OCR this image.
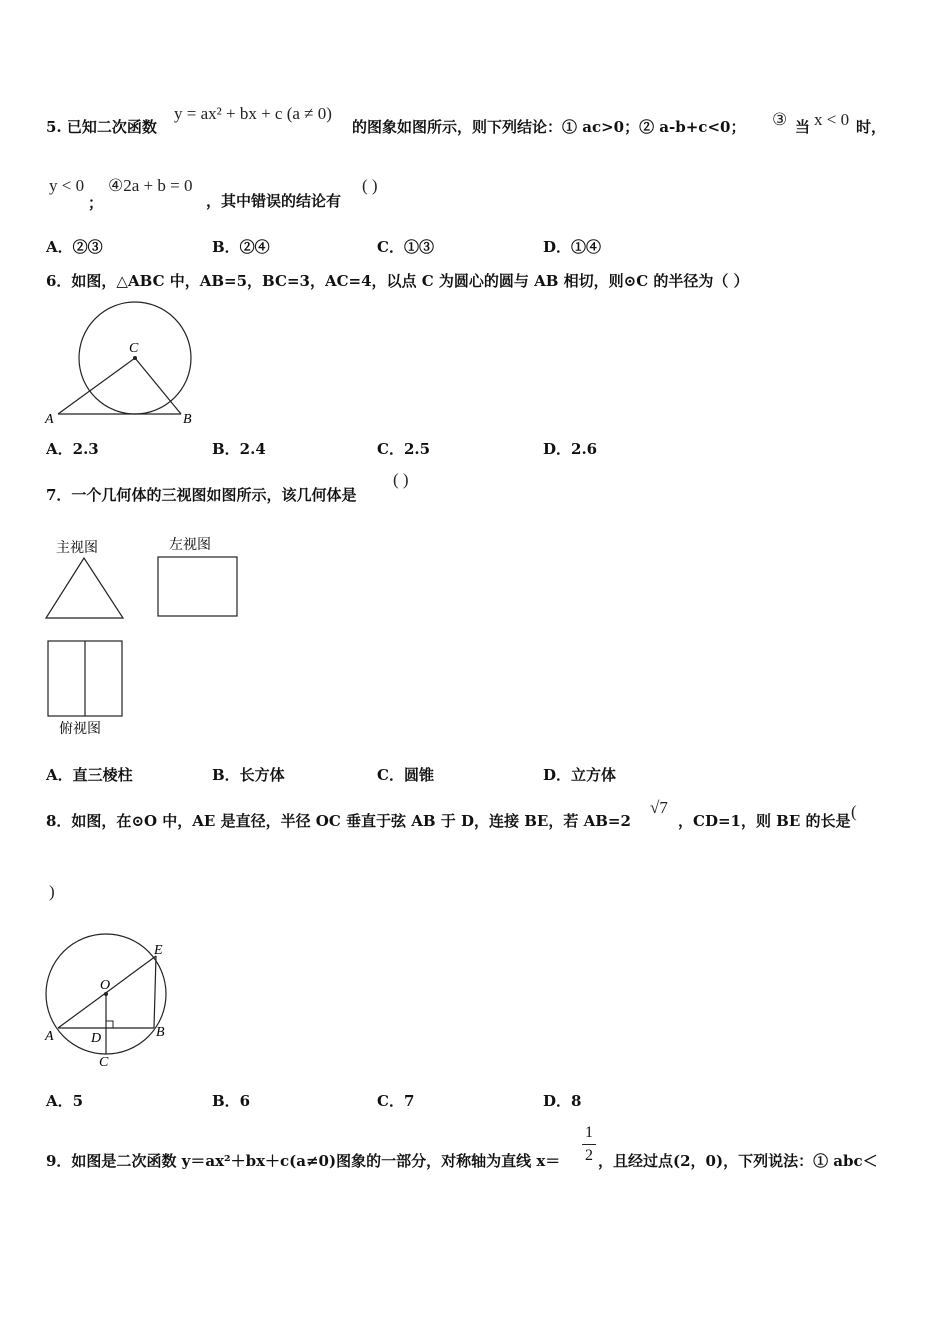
5. 已知二次函数
y = ax² + bx + c (a ≠ 0)
的图象如图所示，则下列结论：① ac>0；② a-b+c<0； ③ 当 x < 0 时，
y < 0
；
④2a + b = 0
，其中错误的结论有
( )
A．②③	B．②④	C．①③	D．①④
6．如图，△ABC 中，AB=5，BC=3，AC=4，以点 C 为圆心的圆与 AB 相切，则⊙C 的半径为（ ）
C
A	B
A．2.3	B．2.4	C．2.5	D．2.6
7．一个几何体的三视图如图所示，该几何体是
( )
主视图	左视图
俯视图
A．直三棱柱	B．长方体	C．圆锥	D．立方体
8．如图，在⊙O 中，AE 是直径，半径 OC 垂直于弦 AB 于 D，连接 BE，若 AB=2
√7
，CD=1，则 BE 的长是 (
)
E
O
A	D	B
C
A．5	B．6	C．7	D．8
9．如图是二次函数 y＝ax²＋bx＋c(a≠0)图象的一部分，对称轴为直线 x＝
1
2 ，且经过点(2，0)，下列说法：① abc＜
